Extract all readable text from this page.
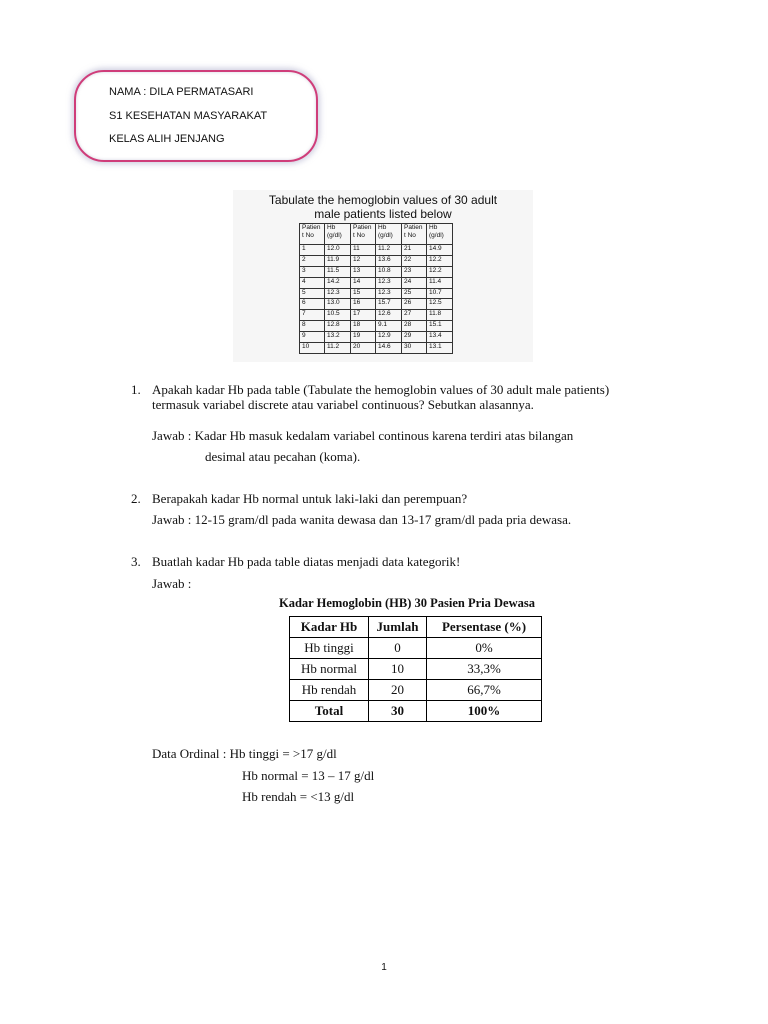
NAMA : DILA PERMATASARI
S1 KESEHATAN MASYARAKAT
KELAS ALIH JENJANG
Tabulate the hemoglobin values of 30 adult
male patients listed below
Patien t No	Hb (g/dl)	Patien t No	Hb (g/dl)	Patien t No	Hb (g/dl)
1	12.0	11	11.2	21	14.9
2	11.9	12	13.6	22	12.2
3	11.5	13	10.8	23	12.2
4	14.2	14	12.3	24	11.4
5	12.3	15	12.3	25	10.7
6	13.0	16	15.7	26	12.5
7	10.5	17	12.6	27	11.8
8	12.8	18	9.1	28	15.1
9	13.2	19	12.9	29	13.4
10	11.2	20	14.6	30	13.1
1. Apakah kadar Hb pada table (Tabulate the hemoglobin values of 30 adult male patients) termasuk variabel discrete atau variabel continuous? Sebutkan alasannya.
Jawab : Kadar Hb masuk kedalam variabel continous karena terdiri atas bilangan
desimal atau pecahan (koma).
2. Berapakah kadar Hb normal untuk laki-laki dan perempuan?
Jawab : 12-15 gram/dl pada wanita dewasa dan 13-17 gram/dl pada pria dewasa.
3. Buatlah kadar Hb pada table diatas menjadi data kategorik!
Jawab :
Kadar Hemoglobin (HB) 30 Pasien Pria Dewasa
Kadar Hb	Jumlah	Persentase (%)
Hb tinggi	0	0%
Hb normal	10	33,3%
Hb rendah	20	66,7%
Total	30	100%
Data Ordinal : Hb tinggi = >17 g/dl
Hb normal = 13 – 17 g/dl
Hb rendah = <13 g/dl
1
